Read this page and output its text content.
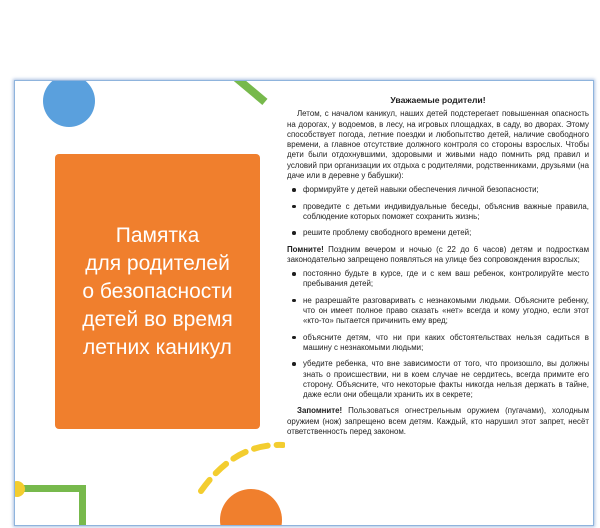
Памятка
для родителей
о безопасности
детей во время
летних каникул
Уважаемые родители!

Летом, с началом каникул, наших детей подстерегает повышенная опасность на дорогах, у водоемов, в лесу, на игровых площадках, в саду, во дворах. Этому способствует погода, летние поездки и любопытство детей, наличие свободного времени, а главное отсутствие должного контроля со стороны взрослых. Чтобы дети были отдохнувшими, здоровыми и живыми надо помнить ряд правил и условий при организации их отдыха с родителями, родственниками, друзьями (на даче или в деревне у бабушки):

формируйте у детей навыки обеспечения личной безопасности;
проведите с детьми индивидуальные беседы, объяснив важные правила, соблюдение которых поможет сохранить жизнь;
решите проблему свободного времени детей;

Помните! Поздним вечером и ночью (с 22 до 6 часов) детям и подросткам законодательно запрещено появляться на улице без сопровождения взрослых;

постоянно будьте в курсе, где и с кем ваш ребенок, контролируйте место пребывания детей;
не разрешайте разговаривать с незнакомыми людьми. Объясните ребенку, что он имеет полное право сказать «нет» всегда и кому угодно, если этот «кто-то» пытается причинить ему вред;
объясните детям, что ни при каких обстоятельствах нельзя садиться в машину с незнакомыми людьми;
убедите ребенка, что вне зависимости от того, что произошло, вы должны знать о происшествии, ни в коем случае не сердитесь, всегда примите его сторону. Объясните, что некоторые факты никогда нельзя держать в тайне, даже если они обещали хранить их в секрете;

Запомните! Пользоваться огнестрельным оружием (пугачами), холодным оружием (нож) запрещено всем детям. Каждый, кто нарушил этот запрет, несёт ответственность перед законом.
